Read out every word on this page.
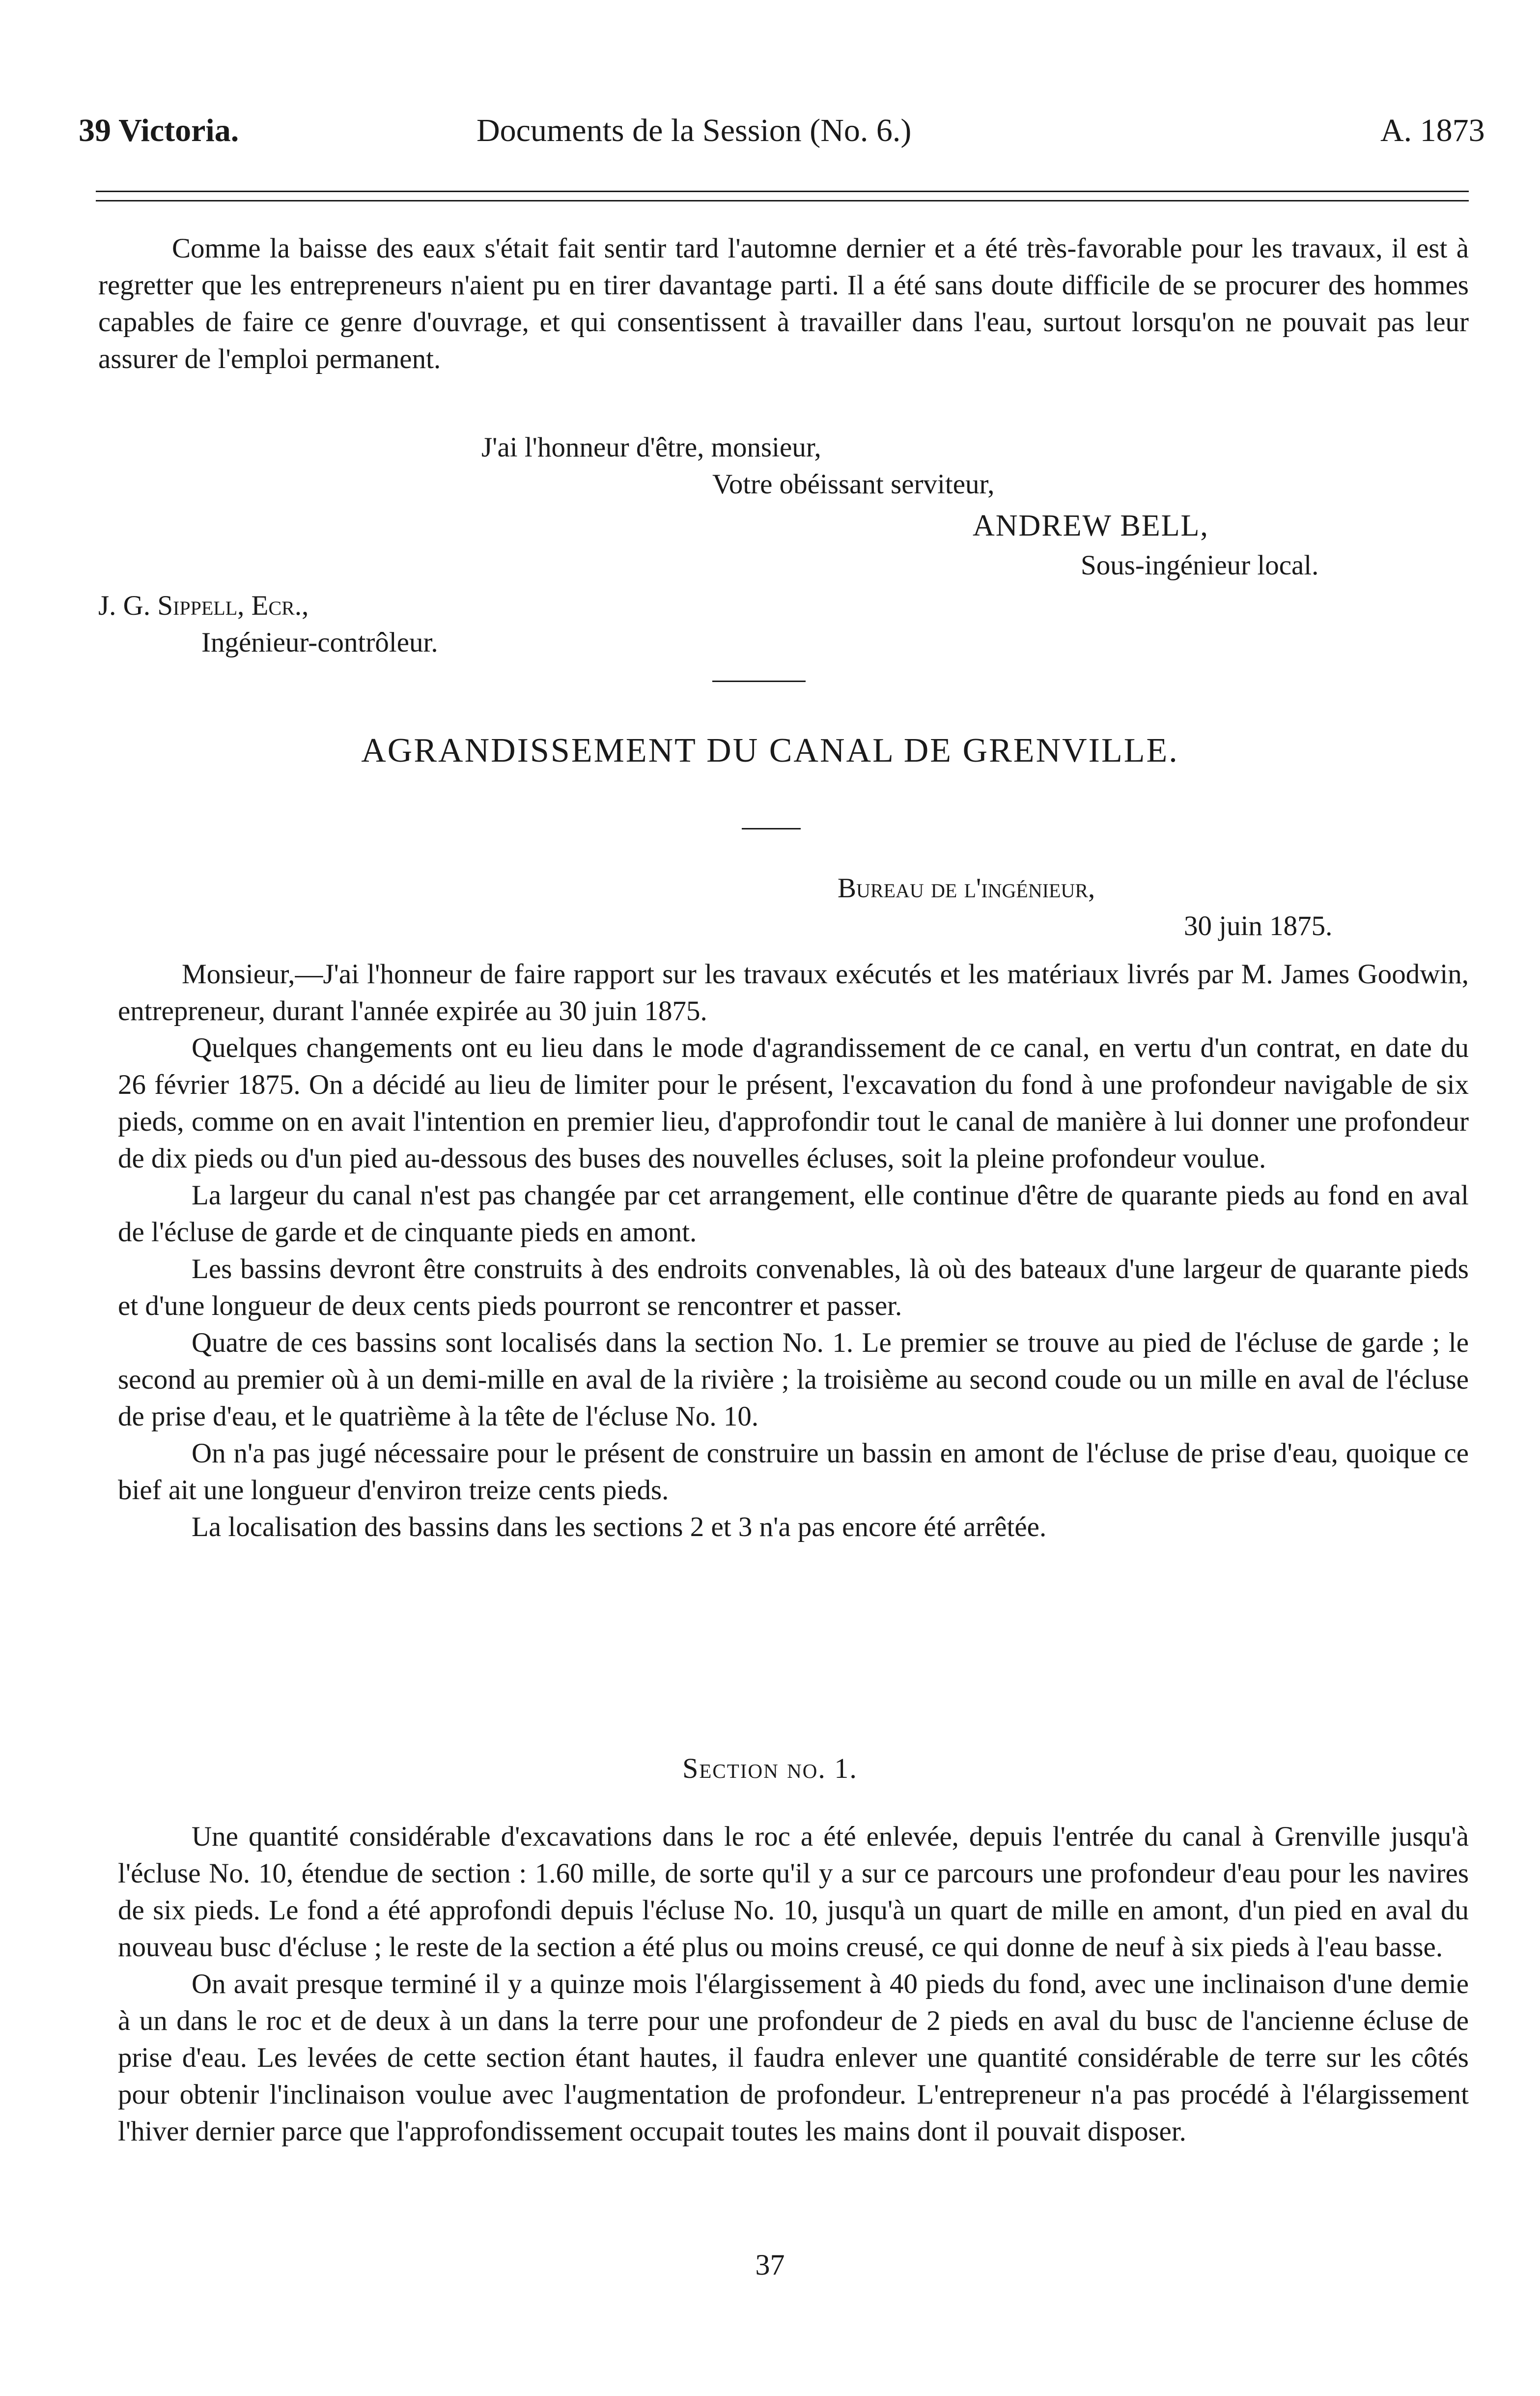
39 Victoria.	Documents de la Session (No. 6.)	A. 1873

Comme la baisse des eaux s'était fait sentir tard l'automne dernier et a été très-favorable pour les travaux, il est à regretter que les entrepreneurs n'aient pu en tirer davantage parti. Il a été sans doute difficile de se procurer des hommes capables de faire ce genre d'ouvrage, et qui consentissent à travailler dans l'eau, surtout lorsqu'on ne pouvait pas leur assurer de l'emploi permanent.

J'ai l'honneur d'être, monsieur,
Votre obéissant serviteur,
ANDREW BELL,
Sous-ingénieur local.
J. G. Sippell, Ecr.,
Ingénieur-contrôleur.
AGRANDISSEMENT DU CANAL DE GRENVILLE.
Bureau de l'ingénieur,
30 juin 1875.

Monsieur,—J'ai l'honneur de faire rapport sur les travaux exécutés et les matériaux livrés par M. James Goodwin, entrepreneur, durant l'année expirée au 30 juin 1875.

Quelques changements ont eu lieu dans le mode d'agrandissement de ce canal, en vertu d'un contrat, en date du 26 février 1875. On a décidé au lieu de limiter pour le présent, l'excavation du fond à une profondeur navigable de six pieds, comme on en avait l'intention en premier lieu, d'approfondir tout le canal de manière à lui donner une profondeur de dix pieds ou d'un pied au-dessous des buses des nouvelles écluses, soit la pleine profondeur voulue.

La largeur du canal n'est pas changée par cet arrangement, elle continue d'être de quarante pieds au fond en aval de l'écluse de garde et de cinquante pieds en amont.

Les bassins devront être construits à des endroits convenables, là où des bateaux d'une largeur de quarante pieds et d'une longueur de deux cents pieds pourront se rencontrer et passer.

Quatre de ces bassins sont localisés dans la section No. 1. Le premier se trouve au pied de l'écluse de garde ; le second au premier où à un demi-mille en aval de la rivière ; la troisième au second coude ou un mille en aval de l'écluse de prise d'eau, et le quatrième à la tête de l'écluse No. 10.

On n'a pas jugé nécessaire pour le présent de construire un bassin en amont de l'écluse de prise d'eau, quoique ce bief ait une longueur d'environ treize cents pieds.

La localisation des bassins dans les sections 2 et 3 n'a pas encore été arrêtée.

Section no. 1.

Une quantité considérable d'excavations dans le roc a été enlevée, depuis l'entrée du canal à Grenville jusqu'à l'écluse No. 10, étendue de section : 1.60 mille, de sorte qu'il y a sur ce parcours une profondeur d'eau pour les navires de six pieds. Le fond a été approfondi depuis l'écluse No. 10, jusqu'à un quart de mille en amont, d'un pied en aval du nouveau busc d'écluse ; le reste de la section a été plus ou moins creusé, ce qui donne de neuf à six pieds à l'eau basse.

On avait presque terminé il y a quinze mois l'élargissement à 40 pieds du fond, avec une inclinaison d'une demie à un dans le roc et de deux à un dans la terre pour une profondeur de 2 pieds en aval du busc de l'ancienne écluse de prise d'eau. Les levées de cette section étant hautes, il faudra enlever une quantité considérable de terre sur les côtés pour obtenir l'inclinaison voulue avec l'augmentation de profondeur. L'entrepreneur n'a pas procédé à l'élargissement l'hiver dernier parce que l'approfondissement occupait toutes les mains dont il pouvait disposer.

37
